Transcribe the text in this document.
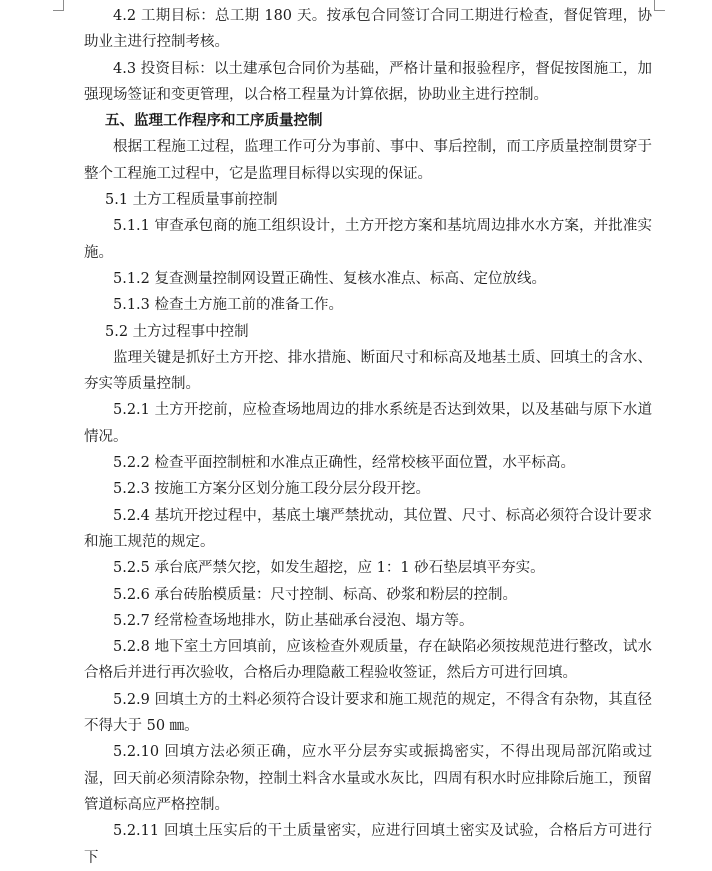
4.2 工期目标：总工期 180 天。按承包合同签订合同工期进行检查，督促管理，协助业主进行控制考核。

4.3 投资目标：以土建承包合同价为基础，严格计量和报验程序，督促按图施工，加强现场签证和变更管理，以合格工程量为计算依据，协助业主进行控制。

五、监理工作程序和工序质量控制

根据工程施工过程，监理工作可分为事前、事中、事后控制，而工序质量控制贯穿于整个工程施工过程中，它是监理目标得以实现的保证。

5.1 土方工程质量事前控制

5.1.1 审查承包商的施工组织设计，土方开挖方案和基坑周边排水水方案，并批准实施。

5.1.2 复查测量控制网设置正确性、复核水准点、标高、定位放线。

5.1.3 检查土方施工前的准备工作。

5.2 土方过程事中控制

监理关键是抓好土方开挖、排水措施、断面尺寸和标高及地基土质、回填土的含水、夯实等质量控制。

5.2.1 土方开挖前，应检查场地周边的排水系统是否达到效果，以及基础与原下水道情况。

5.2.2 检查平面控制桩和水准点正确性，经常校核平面位置，水平标高。

5.2.3 按施工方案分区划分施工段分层分段开挖。

5.2.4 基坑开挖过程中，基底土壤严禁扰动，其位置、尺寸、标高必须符合设计要求和施工规范的规定。

5.2.5 承台底严禁欠挖，如发生超挖，应 1：1 砂石垫层填平夯实。

5.2.6 承台砖胎模质量：尺寸控制、标高、砂浆和粉层的控制。

5.2.7 经常检查场地排水，防止基础承台浸泡、塌方等。

5.2.8 地下室土方回填前，应该检查外观质量，存在缺陷必须按规范进行整改，试水合格后并进行再次验收，合格后办理隐蔽工程验收签证，然后方可进行回填。

5.2.9 回填土方的土料必须符合设计要求和施工规范的规定，不得含有杂物，其直径不得大于 50 ㎜。

5.2.10 回填方法必须正确，应水平分层夯实或振捣密实，不得出现局部沉陷或过湿，回天前必须清除杂物，控制土料含水量或水灰比，四周有积水时应排除后施工，预留管道标高应严格控制。

5.2.11 回填土压实后的干土质量密实，应进行回填土密实及试验，合格后方可进行下
